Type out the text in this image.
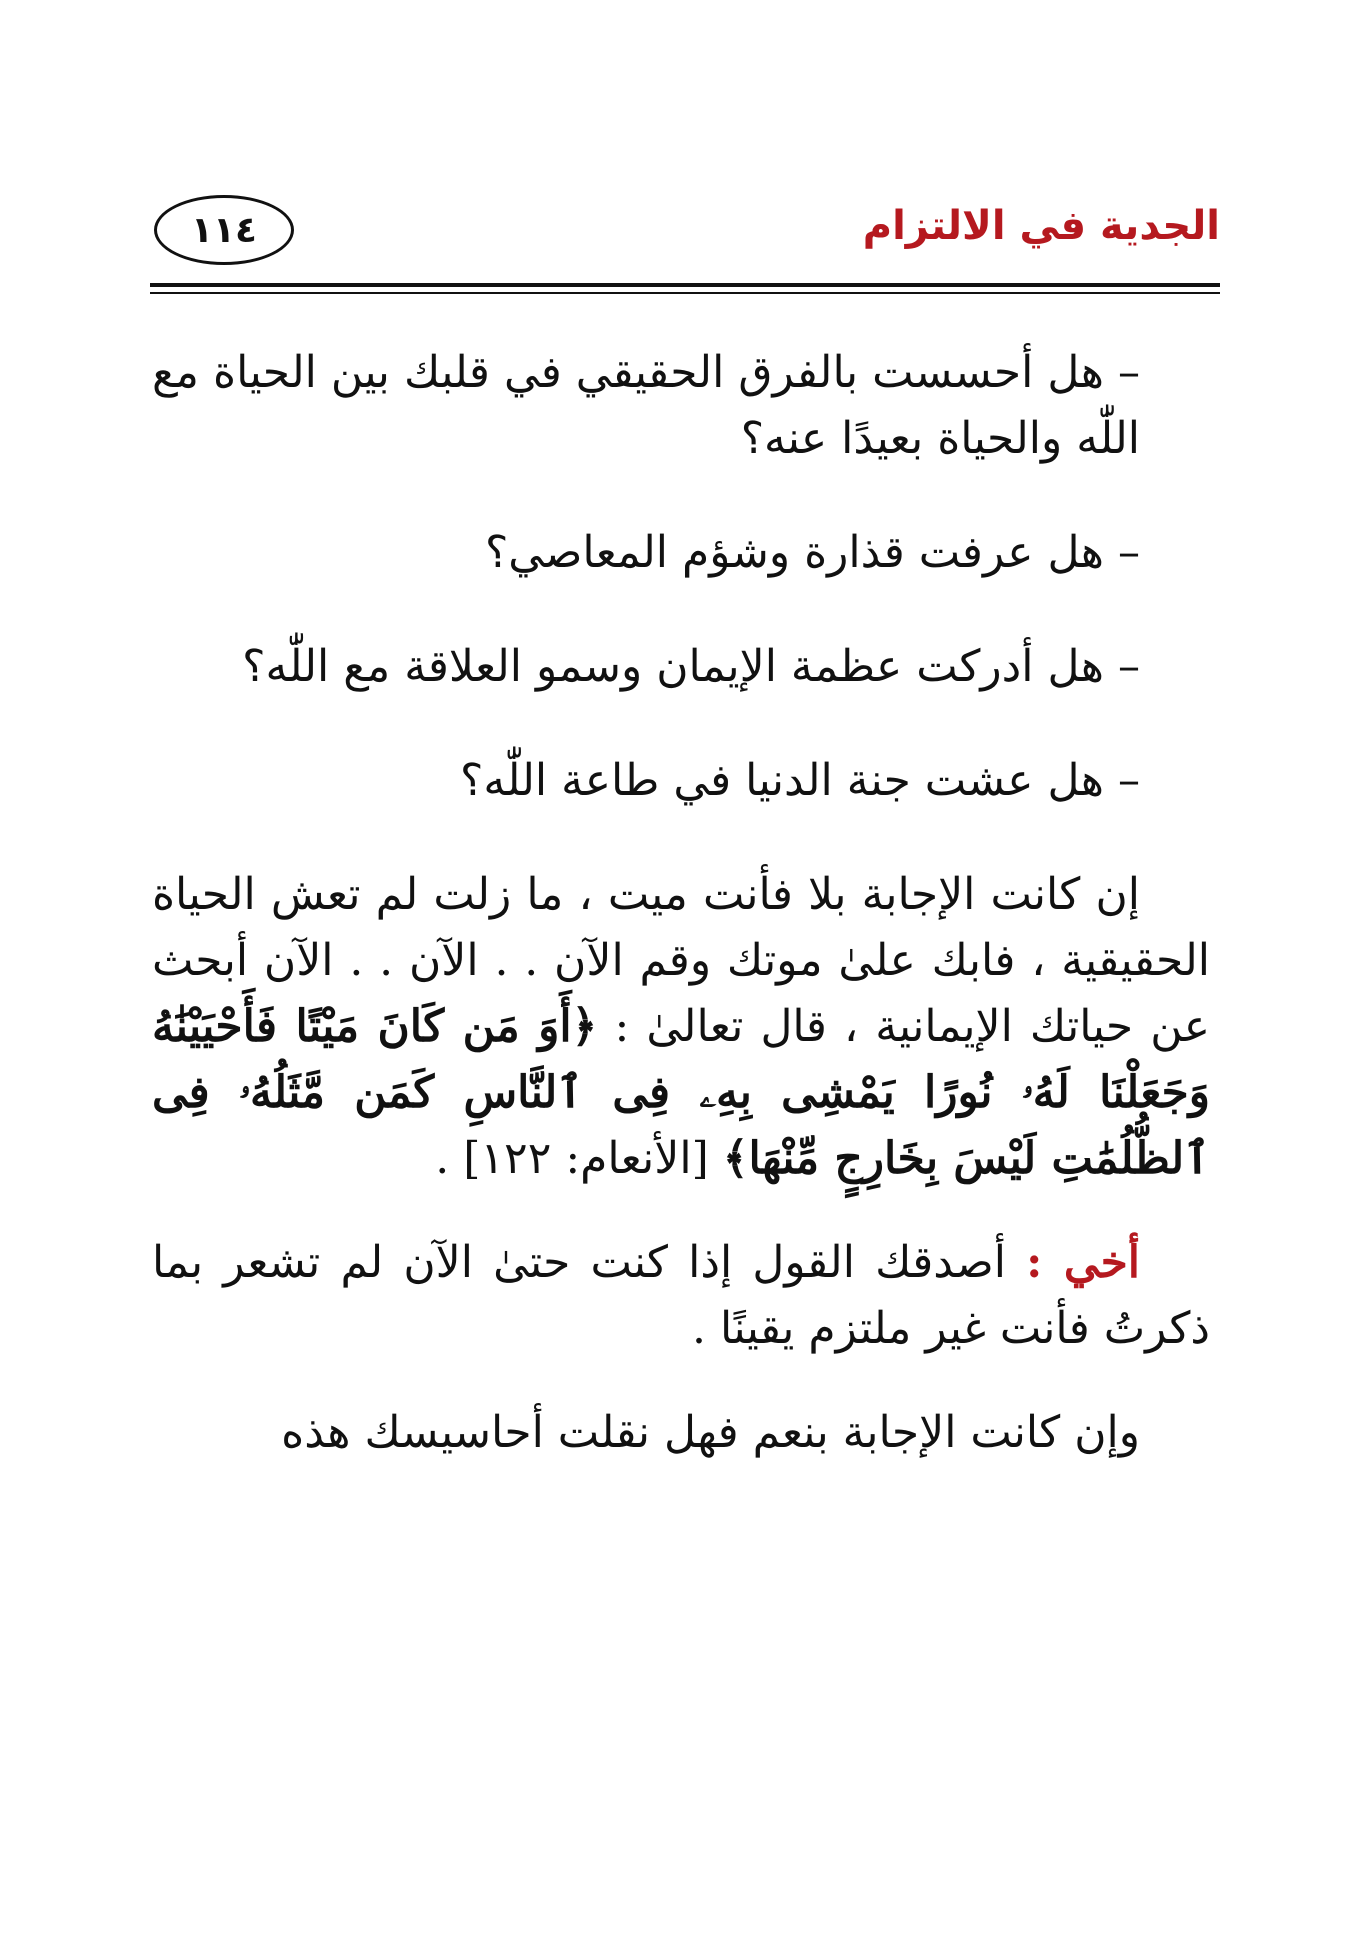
الجدية في الالتزام
١١٤

– هل أحسست بالفرق الحقيقي في قلبك بين الحياة مع اللّٰه والحياة بعيدًا عنه؟

– هل عرفت قذارة وشؤم المعاصي؟

– هل أدركت عظمة الإيمان وسمو العلاقة مع اللّٰه؟

– هل عشت جنة الدنيا في طاعة اللّٰه؟

إن كانت الإجابة بلا فأنت ميت ، ما زلت لم تعش الحياة الحقيقية ، فابك علىٰ موتك وقم الآن . . الآن . . الآن أبحث عن حياتك الإيمانية ، قال تعالىٰ : ﴿أَوَ مَن كَانَ مَيْتًا فَأَحْيَيْنَٰهُ وَجَعَلْنَا لَهُۥ نُورًا يَمْشِى بِهِۦ فِى ٱلنَّاسِ كَمَن مَّثَلُهُۥ فِى ٱلظُّلُمَٰتِ لَيْسَ بِخَارِجٍ مِّنْهَا﴾ [الأنعام: ١٢٢] .

أخي : أصدقك القول إذا كنت حتىٰ الآن لم تشعر بما ذكرتُ فأنت غير ملتزم يقينًا .

وإن كانت الإجابة بنعم فهل نقلت أحاسيسك هذه
